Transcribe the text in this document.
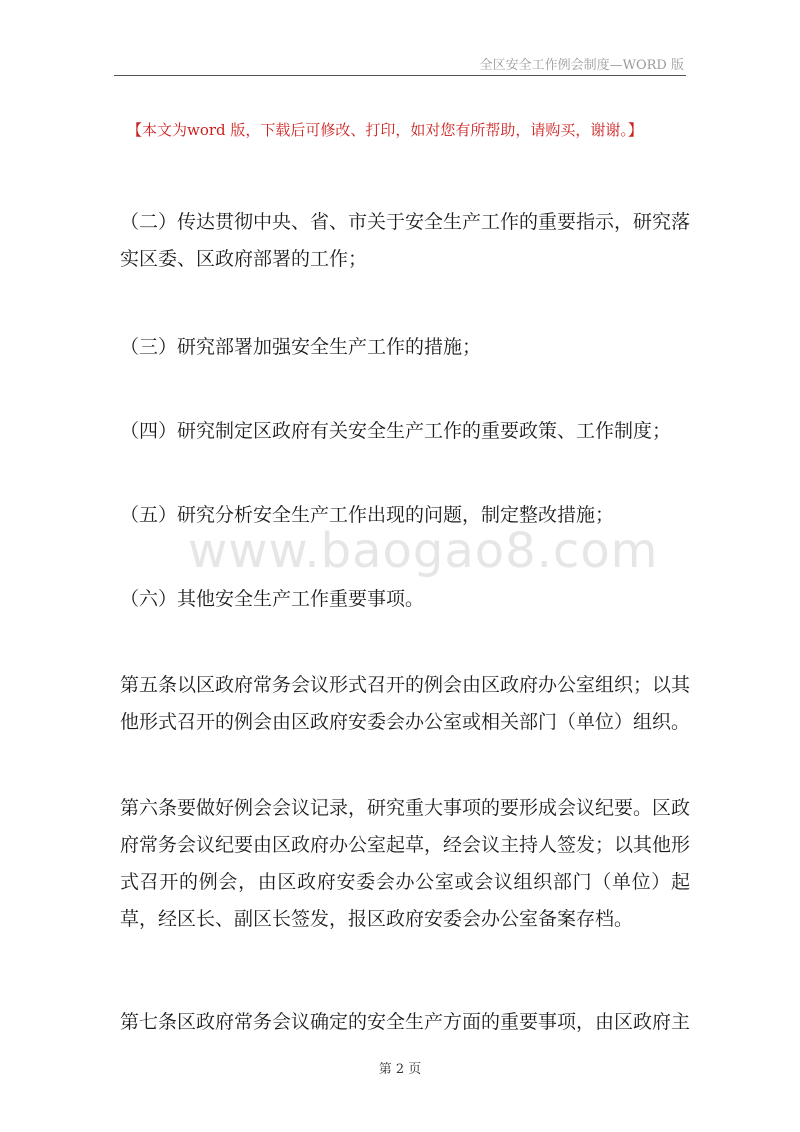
全区安全工作例会制度—WORD 版
【本文为word 版，下载后可修改、打印，如对您有所帮助，请购买，谢谢。】

（二）传达贯彻中央、省、市关于安全生产工作的重要指示，研究落实区委、区政府部署的工作；

（三）研究部署加强安全生产工作的措施；

（四）研究制定区政府有关安全生产工作的重要政策、工作制度；

（五）研究分析安全生产工作出现的问题，制定整改措施；

（六）其他安全生产工作重要事项。

第五条以区政府常务会议形式召开的例会由区政府办公室组织；以其他形式召开的例会由区政府安委会办公室或相关部门（单位）组织。

第六条要做好例会会议记录，研究重大事项的要形成会议纪要。区政府常务会议纪要由区政府办公室起草，经会议主持人签发；以其他形式召开的例会，由区政府安委会办公室或会议组织部门（单位）起草，经区长、副区长签发，报区政府安委会办公室备案存档。

第七条区政府常务会议确定的安全生产方面的重要事项，由区政府主

www.baogao8.com
第 2 页
